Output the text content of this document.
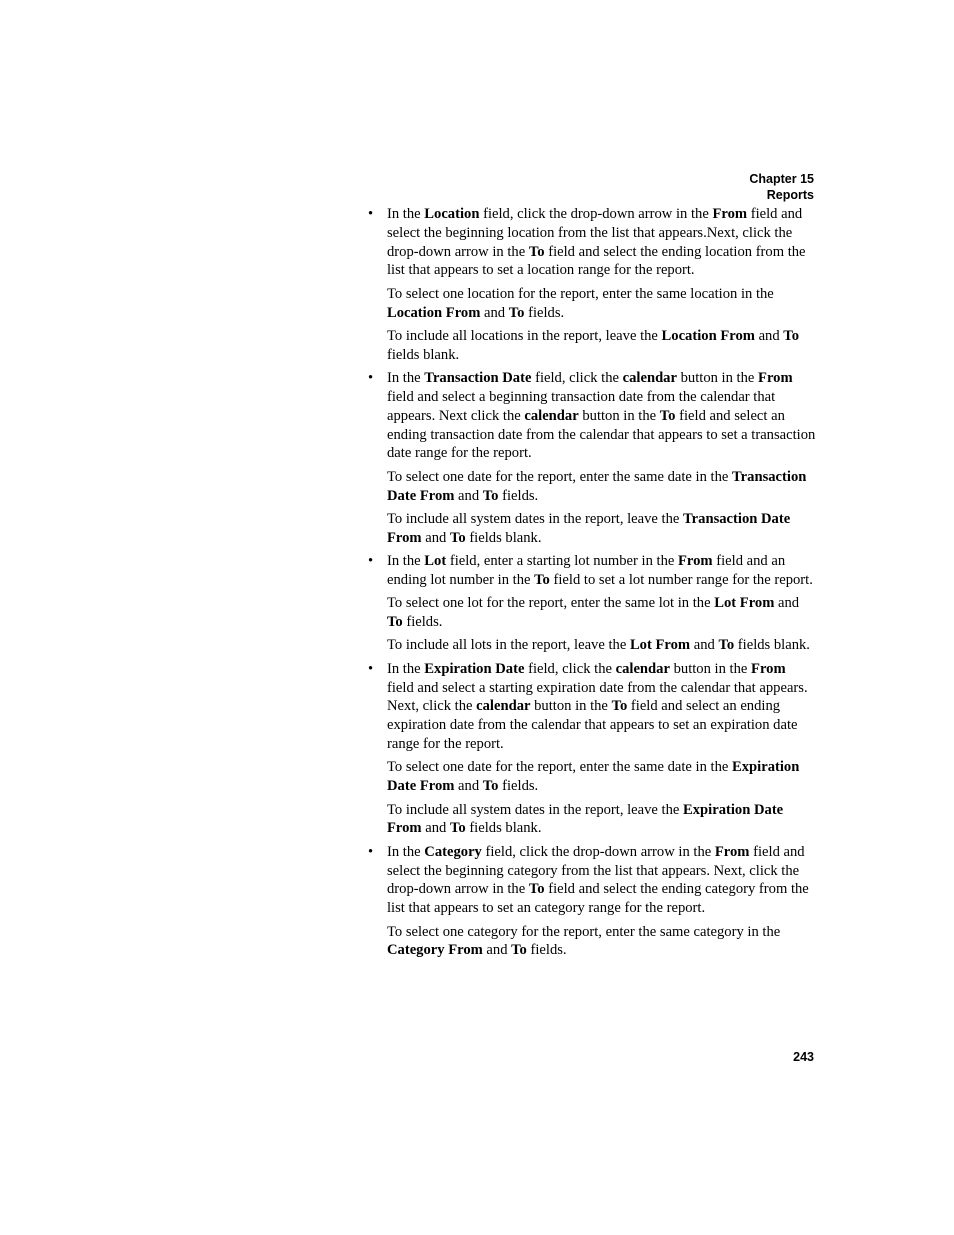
Chapter 15
Reports
• In the Location field, click the drop-down arrow in the From field and select the beginning location from the list that appears.Next, click the drop-down arrow in the To field and select the ending location from the list that appears to set a location range for the report.

To select one location for the report, enter the same location in the Location From and To fields.

To include all locations in the report, leave the Location From and To fields blank.

• In the Transaction Date field, click the calendar button in the From field and select a beginning transaction date from the calendar that appears. Next click the calendar button in the To field and select an ending transaction date from the calendar that appears to set a transaction date range for the report.

To select one date for the report, enter the same date in the Transaction Date From and To fields.

To include all system dates in the report, leave the Transaction Date From and To fields blank.

• In the Lot field, enter a starting lot number in the From field and an ending lot number in the To field to set a lot number range for the report.

To select one lot for the report, enter the same lot in the Lot From and To fields.

To include all lots in the report, leave the Lot From and To fields blank.

• In the Expiration Date field, click the calendar button in the From field and select a starting expiration date from the calendar that appears. Next, click the calendar button in the To field and select an ending expiration date from the calendar that appears to set an expiration date range for the report.

To select one date for the report, enter the same date in the Expiration Date From and To fields.

To include all system dates in the report, leave the Expiration Date From and To fields blank.

• In the Category field, click the drop-down arrow in the From field and select the beginning category from the list that appears. Next, click the drop-down arrow in the To field and select the ending category from the list that appears to set an category range for the report.

To select one category for the report, enter the same category in the Category From and To fields.

243
